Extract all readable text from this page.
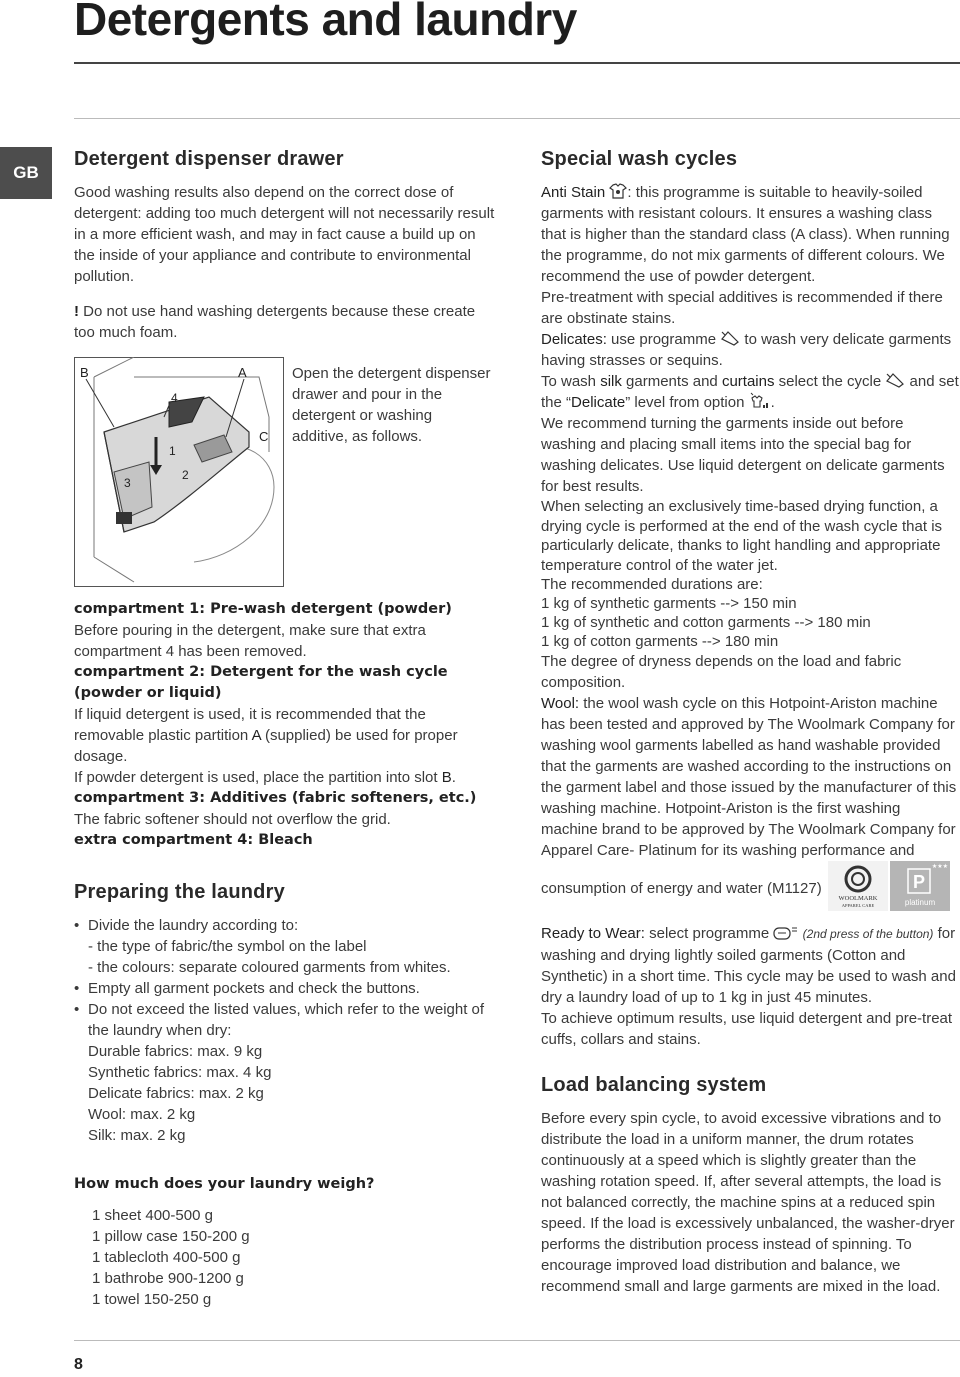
Detergents and laundry
GB
Detergent dispenser drawer

Good washing results also depend on the correct dose of detergent: adding too much detergent will not necessarily result in a more efficient wash, and may in fact cause a build up on the inside of your appliance and contribute to environmental pollution.

! Do not use hand washing detergents because these create too much foam.

B	A
C
1
2
3
4

Open the detergent dispenser drawer and pour in the detergent or washing additive, as follows.

compartment 1: Pre-wash detergent (powder)

Before pouring in the detergent, make sure that extra compartment 4 has been removed.

compartment 2: Detergent for the wash cycle (powder or liquid)

If liquid detergent is used, it is recommended that the removable plastic partition A (supplied) be used for proper dosage.

If powder detergent is used, place the partition into slot B.

compartment 3: Additives (fabric softeners, etc.)

The fabric softener should not overflow the grid.

extra compartment 4: Bleach

Preparing the laundry
• Divide the laundry according to:
- the type of fabric/the symbol on the label
- the colours: separate coloured garments from whites.
• Empty all garment pockets and check the buttons.
• Do not exceed the listed values, which refer to the weight of the laundry when dry:
Durable fabrics: max. 9 kg
Synthetic fabrics: max. 4 kg
Delicate fabrics: max. 2 kg
Wool: max. 2 kg
Silk: max. 2 kg

How much does your laundry weigh?

1 sheet 400-500 g

1 pillow case 150-200 g

1 tablecloth 400-500 g

1 bathrobe 900-1200 g

1 towel 150-250 g

Special wash cycles

Anti Stain : this programme is suitable to heavily-soiled garments with resistant colours. It ensures a washing class that is higher than the standard class (A class). When running the programme, do not mix garments of different colours. We recommend the use of powder detergent.

Pre-treatment with special additives is recommended if there are obstinate stains.

Delicates: use programme  to wash very delicate garments having strasses or sequins.

To wash silk garments and curtains select the cycle  and set the “Delicate” level from option .

We recommend turning the garments inside out before washing and placing small items into the special bag for washing delicates. Use liquid detergent on delicate garments for best results.

When selecting an exclusively time-based drying function, a drying cycle is performed at the end of the wash cycle that is particularly delicate, thanks to light handling and appropriate temperature control of the water jet.

The recommended durations are:

1 kg of synthetic garments --> 150 min

1 kg of synthetic and cotton garments --> 180 min

1 kg of cotton garments --> 180 min

The degree of dryness depends on the load and fabric composition.

Wool: the wool wash cycle on this Hotpoint-Ariston machine has been tested and approved by The Woolmark Company for washing wool garments labelled as hand washable provided that the garments are washed according to the instructions on the garment label and those issued by the manufacturer of this washing machine. Hotpoint-Ariston is the first washing machine brand to be approved by The Woolmark Company for Apparel Care- Platinum for its washing performance and consumption of energy and water (M1127)
WOOLMARK
APPAREL CARE
P
platinum
★★★

Ready to Wear: select programme  (2nd press of the button) for washing and drying lightly soiled garments (Cotton and Synthetic) in a short time. This cycle may be used to wash and dry a laundry load of up to 1 kg in just 45 minutes.

To achieve optimum results, use liquid detergent and pre-treat cuffs, collars and stains.

Load balancing system

Before every spin cycle, to avoid excessive vibrations and to distribute the load in a uniform manner, the drum rotates continuously at a speed which is slightly greater than the washing rotation speed. If, after several attempts, the load is not balanced correctly, the machine spins at a reduced spin speed. If the load is excessively unbalanced, the washer-dryer performs the distribution process instead of spinning. To encourage improved load distribution and balance, we recommend small and large garments are mixed in the load.

8
